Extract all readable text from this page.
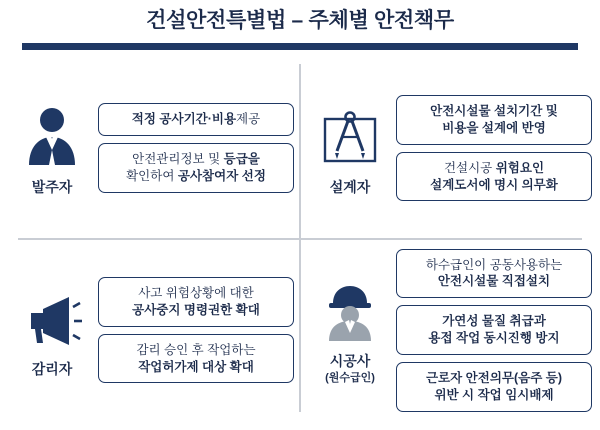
건설안전특별법 – 주체별 안전책무
발주자
적정 공사기간·비용제공
안전관리정보 및 등급을
확인하여 공사참여자 선정
설계자
안전시설물 설치기간 및
비용을 설계에 반영
건설시공 위험요인
설계도서에 명시 의무화
감리자
사고 위험상황에 대한
공사중지 명령권한 확대
감리 승인 후 작업하는
작업허가제 대상 확대	시공사
(원수급인)
하수급인이 공동사용하는
안전시설물 직접설치
가연성 물질 취급과
용접 작업 동시진행 방지
근로자 안전의무(음주 등)
위반 시 작업 임시배제
